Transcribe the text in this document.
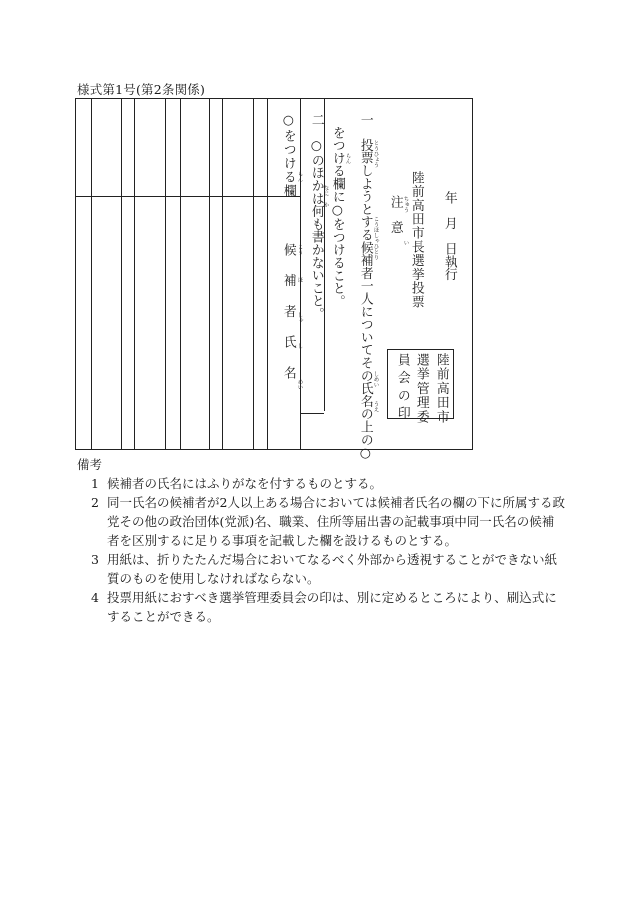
様式第1号(第2条関係)
○をつける欄 らん
候補者氏名 こう
ほ
しゃ
し
めい
二　○のほかは何も書かないこと。
なに
か をつける欄に○をつけること。 らん 一　投票しようとする候補者一人についてその氏名の上の○ とうひょう
こうほしゃひとり
しめい
うえ
注　意 ちゅう
い 陸前高田市長選挙投票 年　月　日執行
陸前高田市
選挙管理委
員会の印

備考

1 候補者の氏名にはふりがなを付するものとする。

2 同一氏名の候補者が2人以上ある場合においては候補者氏名の欄の下に所属する政党その他の政治団体(党派)名、職業、住所等届出書の記載事項中同一氏名の候補者を区別するに足りる事項を記載した欄を設けるものとする。

3 用紙は、折りたたんだ場合においてなるべく外部から透視することができない紙質のものを使用しなければならない。

4 投票用紙におすべき選挙管理委員会の印は、別に定めるところにより、刷込式にすることができる。
